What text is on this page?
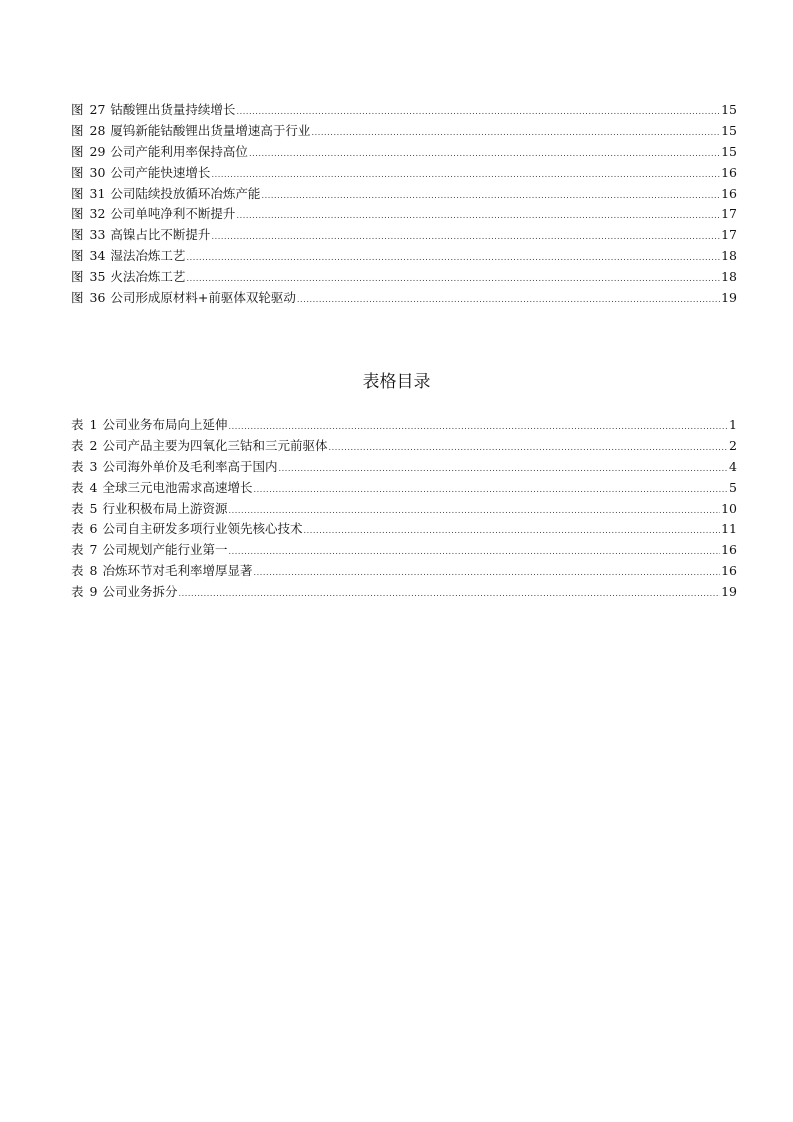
图 27 钴酸锂出货量持续增长 .....	15
图 28 厦钨新能钴酸锂出货量增速高于行业 .....	15
图 29 公司产能利用率保持高位 .....	15
图 30 公司产能快速增长 .....	16
图 31 公司陆续投放循环冶炼产能 .....	16
图 32 公司单吨净利不断提升 .....	17
图 33 高镍占比不断提升 .....	17
图 34 湿法冶炼工艺 .....	18
图 35 火法冶炼工艺 .....	18
图 36 公司形成原材料+前驱体双轮驱动 .....	19
表格目录
表 1 公司业务布局向上延伸 .....	1
表 2 公司产品主要为四氧化三钴和三元前驱体 .....	2
表 3 公司海外单价及毛利率高于国内 .....	4
表 4 全球三元电池需求高速增长 .....	5
表 5 行业积极布局上游资源 .....	10
表 6 公司自主研发多项行业领先核心技术 .....	11
表 7 公司规划产能行业第一 .....	16
表 8 冶炼环节对毛利率增厚显著 .....	16
表 9 公司业务拆分 .....	19
